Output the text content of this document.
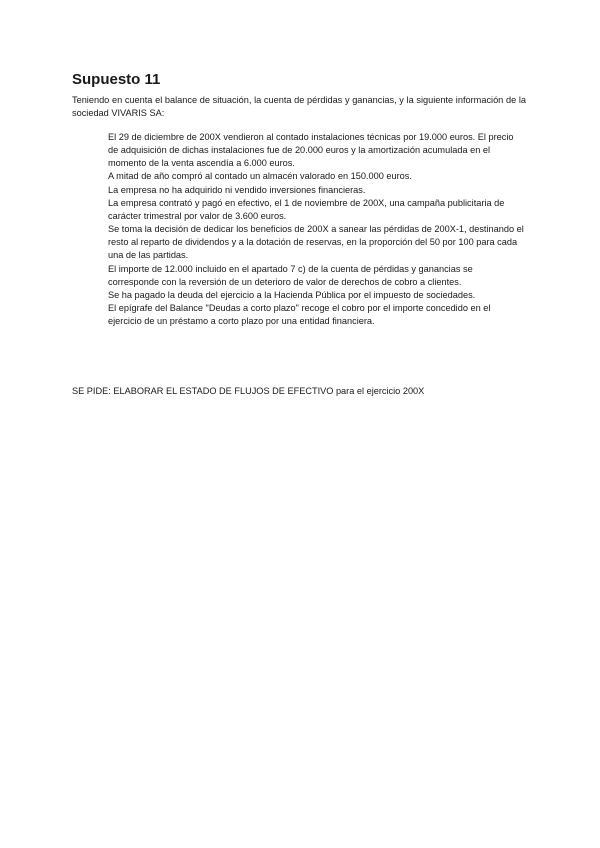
Supuesto 11

Teniendo en cuenta el balance de situación, la cuenta de pérdidas y ganancias, y la siguiente información de la sociedad VIVARIS SA:

El 29 de diciembre de 200X vendieron al contado instalaciones técnicas por 19.000 euros. El precio de adquisición de dichas instalaciones fue de 20.000 euros y la amortización acumulada en el momento de la venta ascendía a 6.000 euros.
A mitad de año compró al contado un almacén valorado en 150.000 euros.
La empresa no ha adquirido ni vendido inversiones financieras.
La empresa contrató y pagó en efectivo, el 1 de noviembre de 200X, una campaña publicitaria de carácter trimestral por valor de 3.600 euros.
Se toma la decisión de dedicar los beneficios de 200X a sanear las pérdidas de 200X-1, destinando el resto al reparto de dividendos y a la dotación de reservas, en la proporción del 50 por 100 para cada una de las partidas.
El importe de 12.000 incluido en el apartado 7 c) de la cuenta de pérdidas y ganancias se corresponde con la reversión de un deterioro de valor de derechos de cobro a clientes.
Se ha pagado la deuda del ejercicio a la Hacienda Pública por el impuesto de sociedades.
El epígrafe del Balance "Deudas a corto plazo" recoge el cobro por el importe concedido en el ejercicio de un préstamo a corto plazo por una entidad financiera.

SE PIDE: ELABORAR EL ESTADO DE FLUJOS DE EFECTIVO para el ejercicio 200X
